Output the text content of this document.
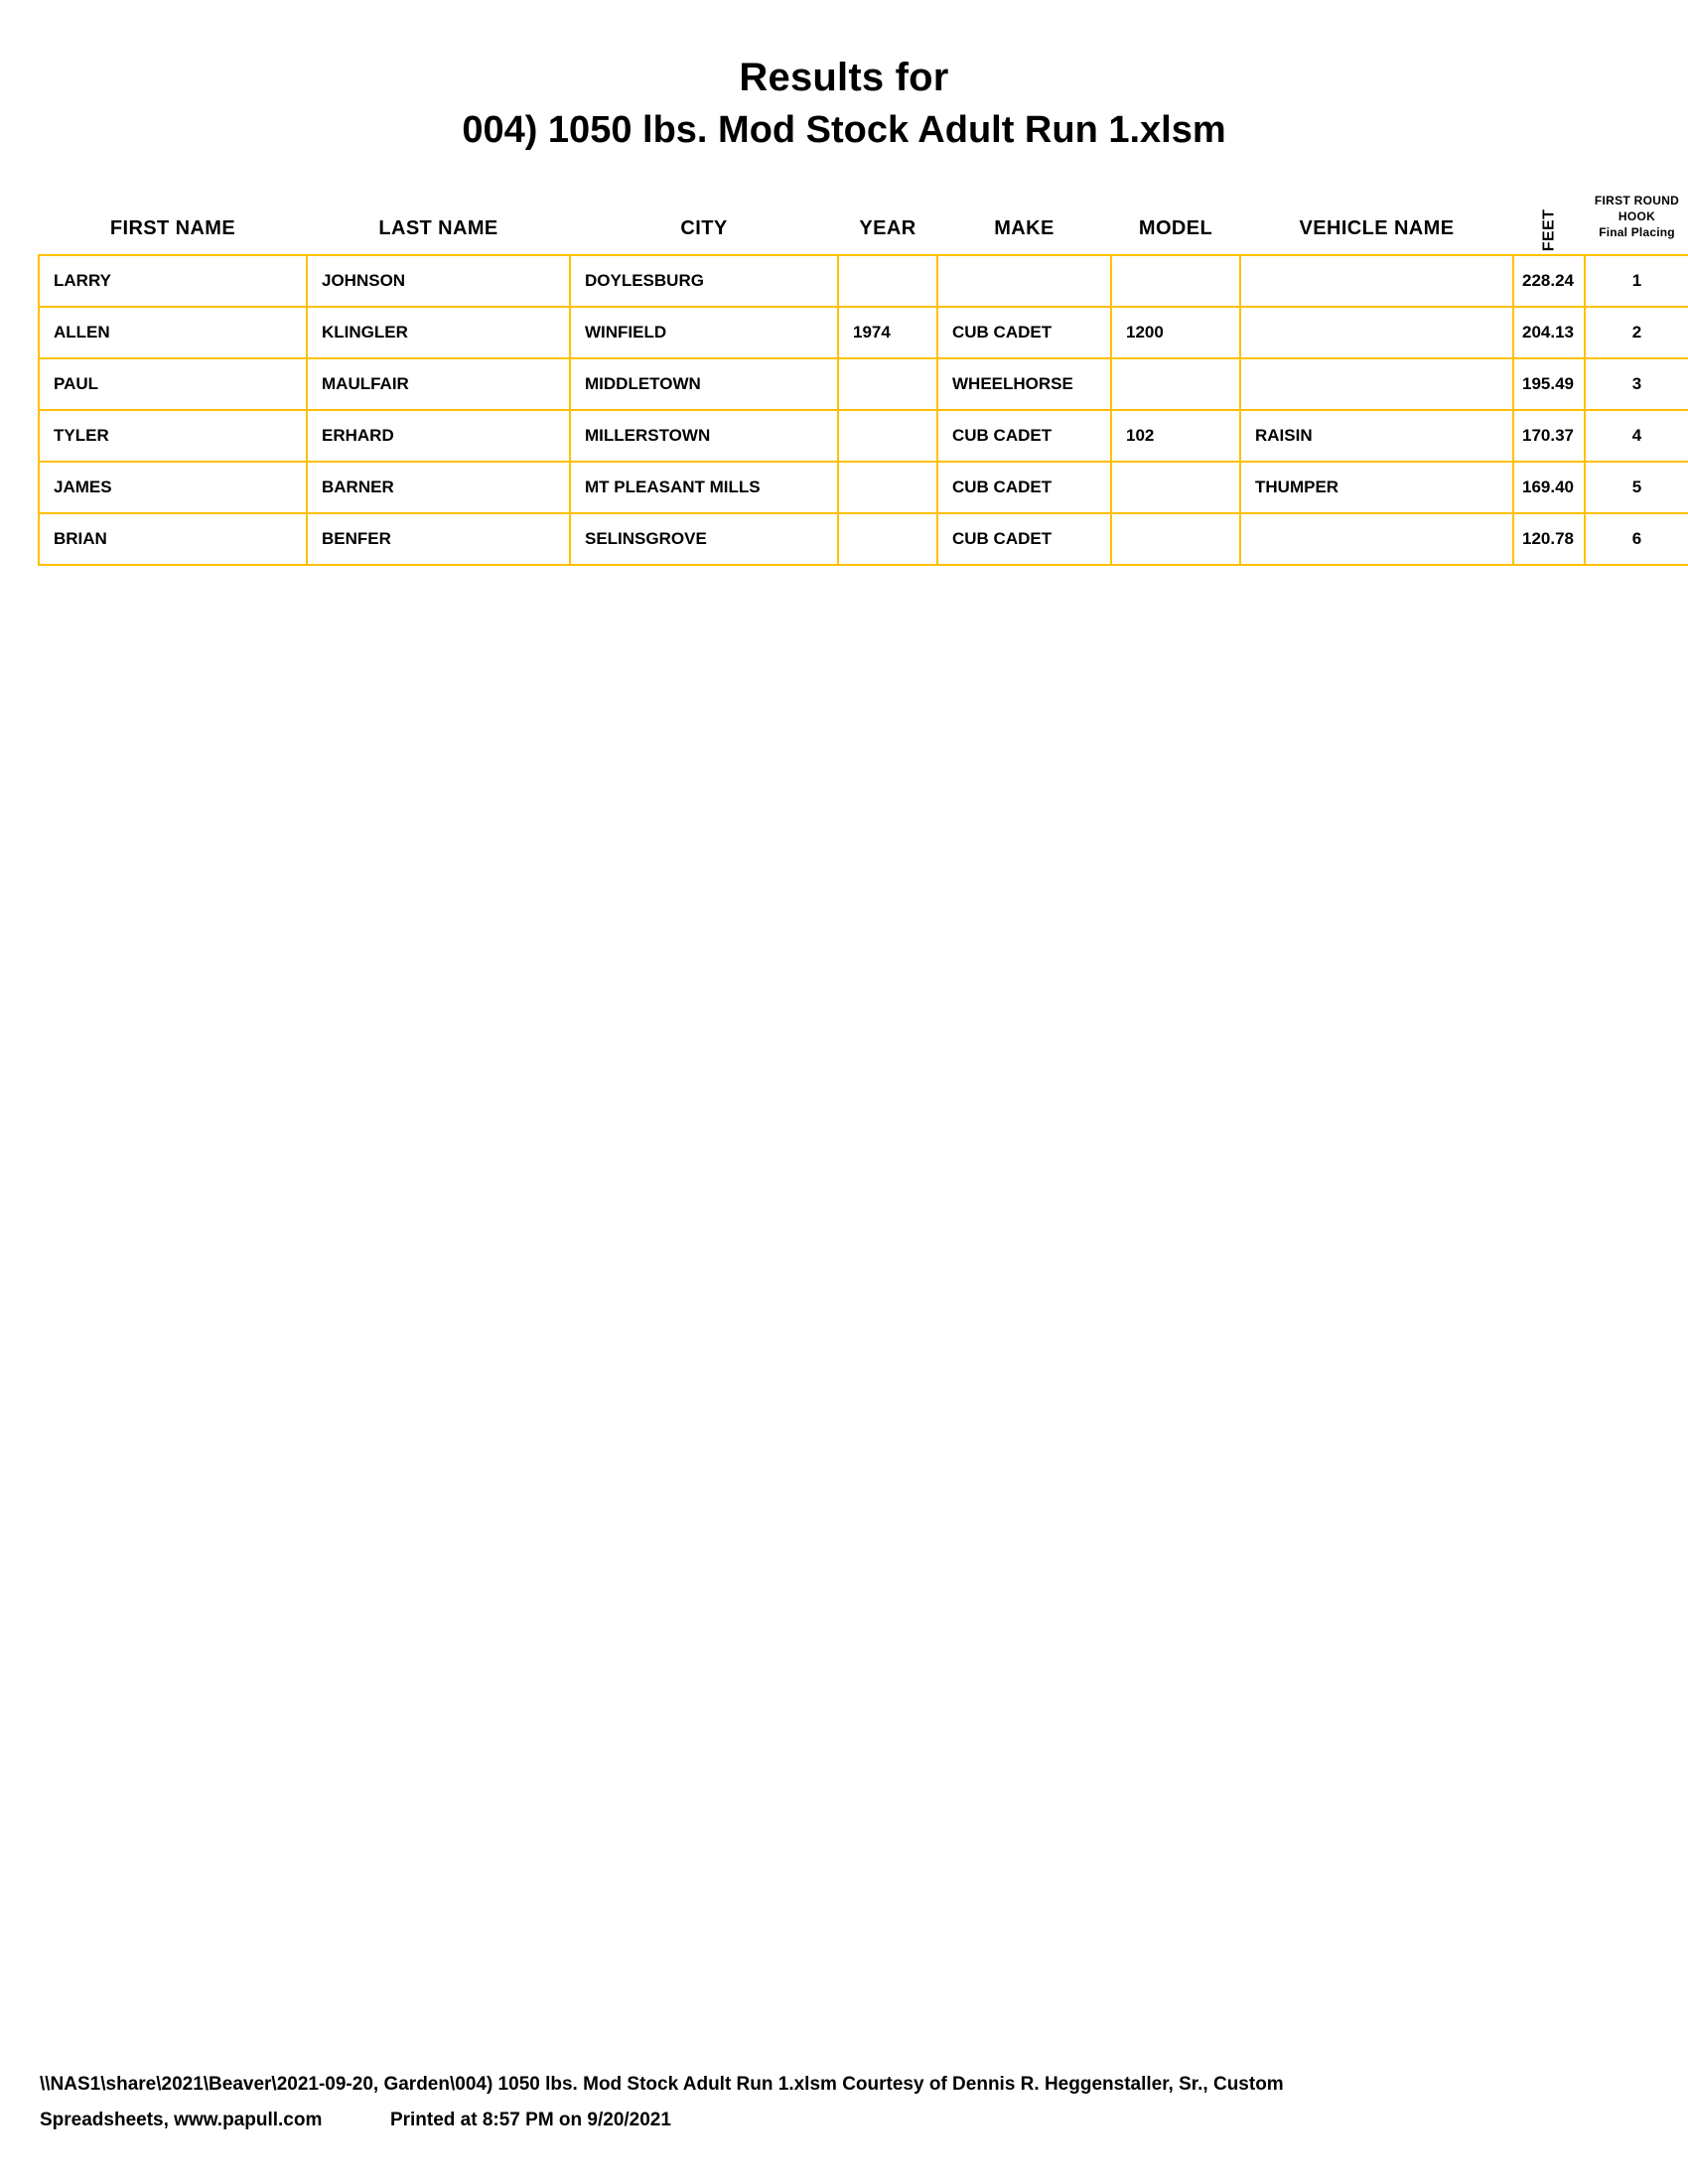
Results for
004) 1050 lbs. Mod Stock Adult Run 1.xlsm
FIRST NAME	LAST NAME	CITY	YEAR	MAKE	MODEL	VEHICLE NAME	FEET	FIRST ROUND
HOOK
Final Placing

LARRY	JOHNSON	DOYLESBURG					228.24	1
ALLEN	KLINGLER	WINFIELD	1974	CUB CADET	1200		204.13	2
PAUL	MAULFAIR	MIDDLETOWN		WHEELHORSE			195.49	3
TYLER	ERHARD	MILLERSTOWN		CUB CADET	102	RAISIN	170.37	4
JAMES	BARNER	MT PLEASANT MILLS		CUB CADET		THUMPER	169.40	5
BRIAN	BENFER	SELINSGROVE		CUB CADET			120.78	6
\\NAS1\share\2021\Beaver\2021-09-20, Garden\004) 1050 lbs. Mod Stock Adult Run 1.xlsm Courtesy of Dennis R. Heggenstaller, Sr., Custom
Spreadsheets, www.papull.com	Printed at 8:57 PM on 9/20/2021
